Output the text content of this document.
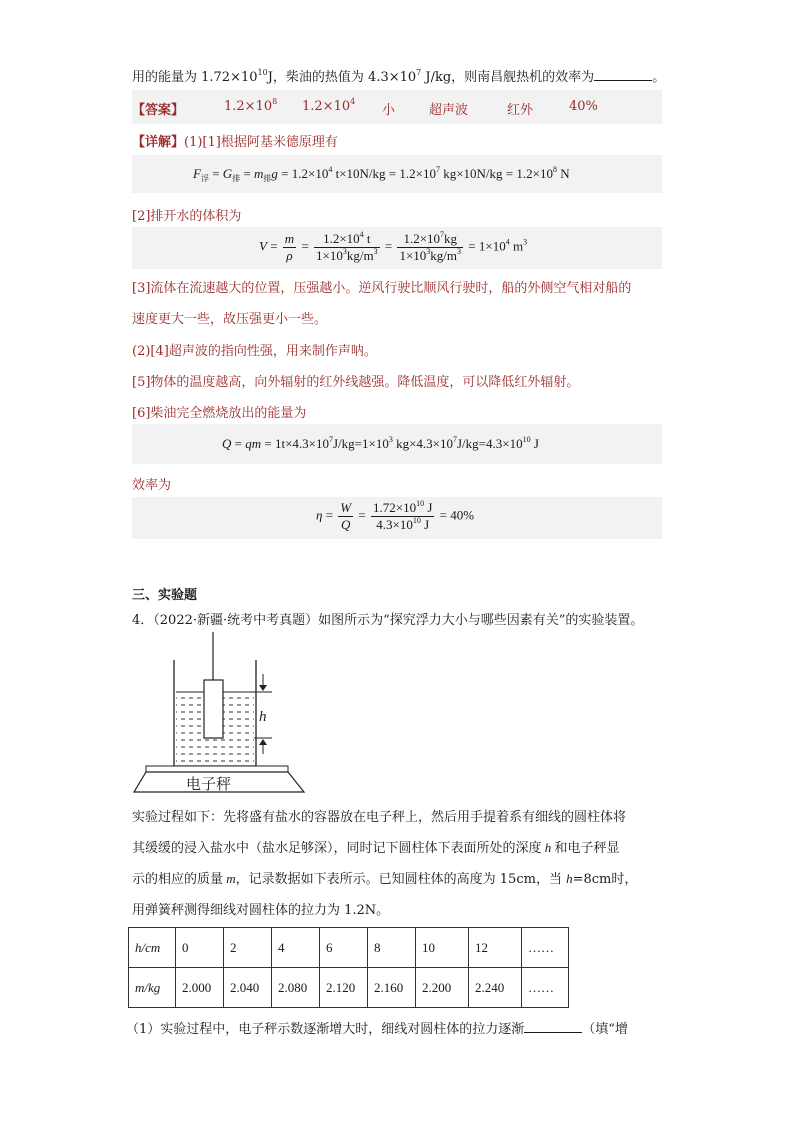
用的能量为 $1.72\times 10^{10}J$，柴油的热值为 $4.3\times 10^7$ J/kg，则南昌舰热机的效率为	。
【答案】	$1.2\times 10^8$ $1.2\times 10^4$
小	超声波	红外	40%
【详解】(1)[1]根据阿基米德原理有
$F_浮 = G_排 = m_排g = 1.2\times 10^4$ $t\times 10N/kg = 1.2\times 10^7$ $kg\times 10N/kg = 1.2\times 10^8$ N
[2]排开水的体积为
$V = \frac{m}{\rho} = \frac{1.2\times 10^4 t}{1\times 10^3kg/m^3} = \frac{1.2\times 10^7kg}{1\times 10^3kg/m^3} = 1\times 10^4$ $m^3$
[3]流体在流速越大的位置，压强越小。逆风行驶比顺风行驶时，船的外侧空气相对船的
速度更大一些，故压强更小一些。
(2)[4]超声波的指向性强，用来制作声呐。
[5]物体的温度越高，向外辐射的红外线越强。降低温度，可以降低红外辐射。
[6]柴油完全燃烧放出的能量为
Q = qm = $1t\times 4.3\times 10^7J/kg=1\times 10^3$ $kg\times 4.3\times 10^7J/kg=4.3\times 10^{10}$ J
效率为
$\eta = \frac{W}{Q} = \frac{1.72\times 10^{10} J}{4.3\times 10^{10} J} = 40\%$
三、实验题
4．（2022·新疆·统考中考真题）如图所示为“探究浮力大小与哪些因素有关”的实验装置。
h
电子秤
实验过程如下：先将盛有盐水的容器放在电子秤上，然后用手提着系有细线的圆柱体将
其缓缓的浸入盐水中（盐水足够深），同时记下圆柱体下表面所处的深度 h 和电子秤显
示的相应的质量 m，记录数据如下表所示。已知圆柱体的高度为 15cm，当 h=8cm时，
用弹簧秤测得细线对圆柱体的拉力为 1.2N。
h/cm	0	2	4	6	8	10	12	……
m/kg	2.000	2.040	2.080	2.120	2.160	2.200	2.240	……
（1）实验过程中，电子秤示数逐渐增大时，细线对圆柱体的拉力逐渐	（填“增
